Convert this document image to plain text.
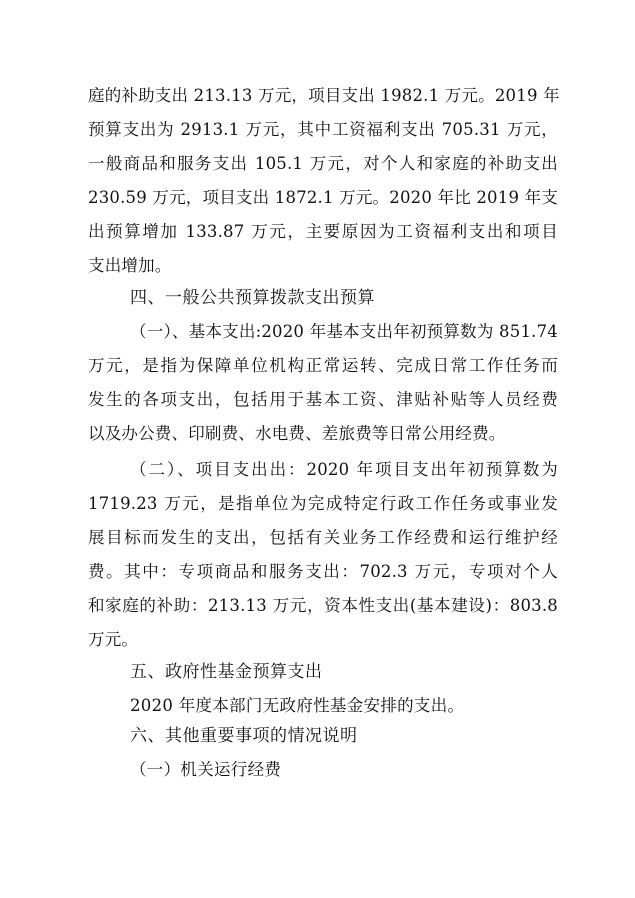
庭的补助支出 213.13 万元，项目支出 1982.1 万元。2019 年
预算支出为 2913.1 万元，其中工资福利支出 705.31 万元，
一般商品和服务支出 105.1 万元，对个人和家庭的补助支出
230.59 万元，项目支出 1872.1 万元。2020 年比 2019 年支
出预算增加 133.87 万元，主要原因为工资福利支出和项目
支出增加。
四、一般公共预算拨款支出预算
（一）、基本支出:2020 年基本支出年初预算数为 851.74
万元，是指为保障单位机构正常运转、完成日常工作任务而
发生的各项支出，包括用于基本工资、津贴补贴等人员经费
以及办公费、印刷费、水电费、差旅费等日常公用经费。
（二）、项目支出出：2020 年项目支出年初预算数为
1719.23 万元，是指单位为完成特定行政工作任务或事业发
展目标而发生的支出，包括有关业务工作经费和运行维护经
费。其中：专项商品和服务支出：702.3 万元，专项对个人
和家庭的补助：213.13 万元，资本性支出(基本建设)：803.8
万元。
五、政府性基金预算支出
2020 年度本部门无政府性基金安排的支出。
六、其他重要事项的情况说明
（一）机关运行经费
